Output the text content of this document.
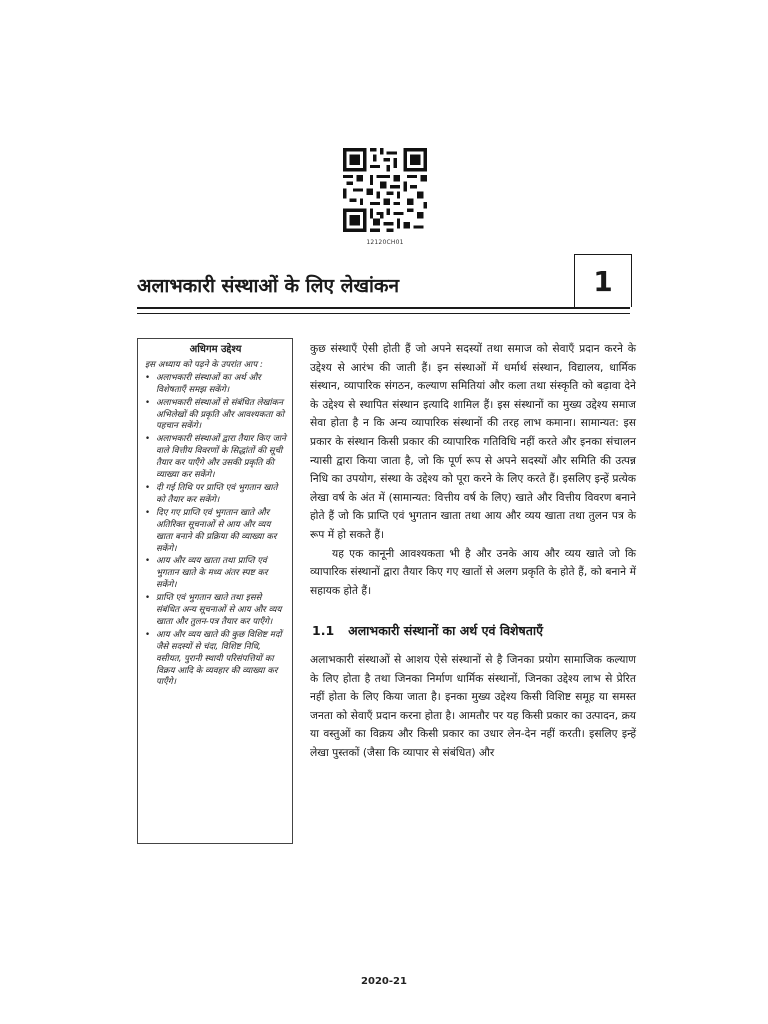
12120CH01
अलाभकारी संस्थाओं के लिए लेखांकन	1
अधिगम उद्देश्य
इस अध्याय को पढ़ने के उपरांत आप :
• अलाभकारी संस्थाओं का अर्थ और विशेषताएँ समझ सकेंगे।
• अलाभकारी संस्थाओं से संबंधित लेखांकन अभिलेखों की प्रकृति और आवश्यकता को पहचान सकेंगे।
• अलाभकारी संस्थाओं द्वारा तैयार किए जाने वाले वित्तीय विवरणों के सिद्धांतों की सूची तैयार कर पाएँगे और उसकी प्रकृति की व्याख्या कर सकेंगे।
• दी गई तिथि पर प्राप्ति एवं भुगतान खाते को तैयार कर सकेंगे।
• दिए गए प्राप्ति एवं भुगतान खाते और अतिरिक्त सूचनाओं से आय और व्यय खाता बनाने की प्रक्रिया की व्याख्या कर सकेंगे।
• आय और व्यय खाता तथा प्राप्ति एवं भुगतान खाते के मध्य अंतर स्पष्ट कर सकेंगे।
• प्राप्ति एवं भुगतान खाते तथा इससे संबंधित अन्य सूचनाओं से आय और व्यय खाता और तुलन-पत्र तैयार कर पाएँगे।
• आय और व्यय खाते की कुछ विशिष्ट मदों जैसे सदस्यों से चंदा, विशिष्ट निधि, वसीयत, पुरानी स्थायी परिसंपत्तियों का विक्रय आदि के व्यवहार की व्याख्या कर पाएँगे।

कुछ संस्थाएँ ऐसी होती हैं जो अपने सदस्यों तथा समाज को सेवाएँ प्रदान करने के उद्देश्य से आरंभ की जाती हैं। इन संस्थाओं में धर्मार्थ संस्थान, विद्यालय, धार्मिक संस्थान, व्यापारिक संगठन, कल्याण समितियां और कला तथा संस्कृति को बढ़ावा देने के उद्देश्य से स्थापित संस्थान इत्यादि शामिल हैं। इस संस्थानों का मुख्य उद्देश्य समाज सेवा होता है न कि अन्य व्यापारिक संस्थानों की तरह लाभ कमाना। सामान्यत: इस प्रकार के संस्थान किसी प्रकार की व्यापारिक गतिविधि नहीं करते और इनका संचालन न्यासी द्वारा किया जाता है, जो कि पूर्ण रूप से अपने सदस्यों और समिति की उत्पन्न निधि का उपयोग, संस्था के उद्देश्य को पूरा करने के लिए करते हैं। इसलिए इन्हें प्रत्येक लेखा वर्ष के अंत में (सामान्यत: वित्तीय वर्ष के लिए) खाते और वित्तीय विवरण बनाने होते हैं जो कि प्राप्ति एवं भुगतान खाता तथा आय और व्यय खाता तथा तुलन पत्र के रूप में हो सकते हैं।

यह एक कानूनी आवश्यकता भी है और उनके आय और व्यय खाते जो कि व्यापारिक संस्थानों द्वारा तैयार किए गए खातों से अलग प्रकृति के होते हैं, को बनाने में सहायक होते हैं।

1.1 अलाभकारी संस्थानों का अर्थ एवं विशेषताएँ

अलाभकारी संस्थाओं से आशय ऐसे संस्थानों से है जिनका प्रयोग सामाजिक कल्याण के लिए होता है तथा जिनका निर्माण धार्मिक संस्थानों, जिनका उद्देश्य लाभ से प्रेरित नहीं होता के लिए किया जाता है। इनका मुख्य उद्देश्य किसी विशिष्ट समूह या समस्त जनता को सेवाएँ प्रदान करना होता है। आमतौर पर यह किसी प्रकार का उत्पादन, क्रय या वस्तुओं का विक्रय और किसी प्रकार का उधार लेन-देन नहीं करती। इसलिए इन्हें लेखा पुस्तकों (जैसा कि व्यापार से संबंधित) और

2020-21
